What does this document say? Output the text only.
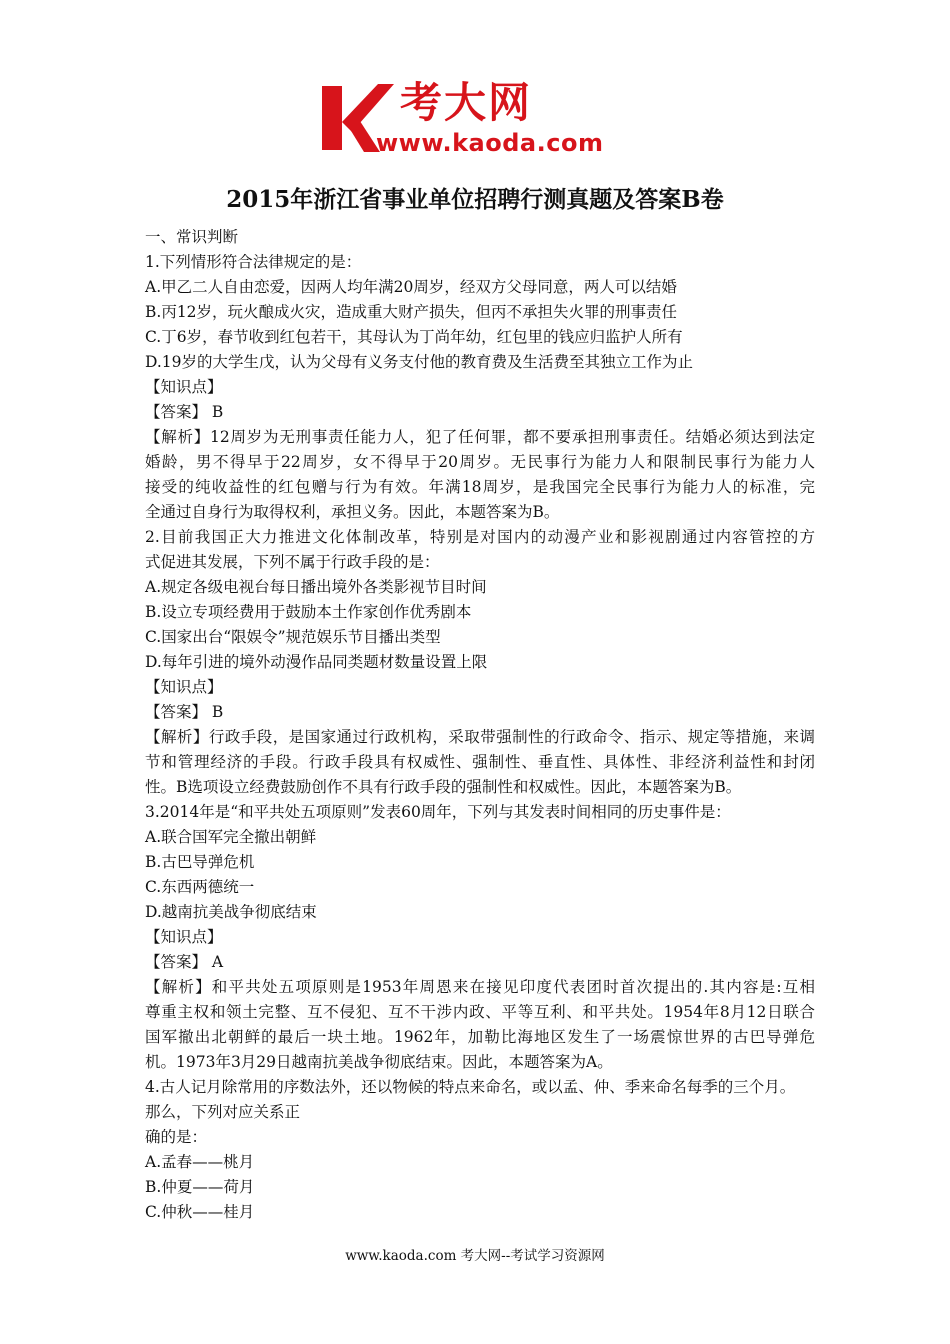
考大网
www.kaoda.com
2015年浙江省事业单位招聘行测真题及答案B卷
一、常识判断
1.下列情形符合法律规定的是：
A.甲乙二人自由恋爱，因两人均年满20周岁，经双方父母同意，两人可以结婚
B.丙12岁，玩火酿成火灾，造成重大财产损失，但丙不承担失火罪的刑事责任
C.丁6岁，春节收到红包若干，其母认为丁尚年幼，红包里的钱应归监护人所有
D.19岁的大学生戊，认为父母有义务支付他的教育费及生活费至其独立工作为止
【知识点】
【答案】 B
【解析】12周岁为无刑事责任能力人，犯了任何罪，都不要承担刑事责任。结婚必须达到法定
婚龄，男不得早于22周岁，女不得早于20周岁。无民事行为能力人和限制民事行为能力人
接受的纯收益性的红包赠与行为有效。年满18周岁，是我国完全民事行为能力人的标准，完
全通过自身行为取得权利，承担义务。因此，本题答案为B。
2.目前我国正大力推进文化体制改革，特别是对国内的动漫产业和影视剧通过内容管控的方
式促进其发展，下列不属于行政手段的是：
A.规定各级电视台每日播出境外各类影视节目时间
B.设立专项经费用于鼓励本土作家创作优秀剧本
C.国家出台“限娱令”规范娱乐节目播出类型
D.每年引进的境外动漫作品同类题材数量设置上限
【知识点】
【答案】 B
【解析】行政手段，是国家通过行政机构，采取带强制性的行政命令、指示、规定等措施，来调
节和管理经济的手段。行政手段具有权威性、强制性、垂直性、具体性、非经济利益性和封闭
性。B选项设立经费鼓励创作不具有行政手段的强制性和权威性。因此，本题答案为B。
3.2014年是“和平共处五项原则”发表60周年，下列与其发表时间相同的历史事件是：
A.联合国军完全撤出朝鲜
B.古巴导弹危机
C.东西两德统一
D.越南抗美战争彻底结束
【知识点】
【答案】 A
【解析】和平共处五项原则是1953年周恩来在接见印度代表团时首次提出的.其内容是:互相
尊重主权和领土完整、互不侵犯、互不干涉内政、平等互利、和平共处。1954年8月12日联合
国军撤出北朝鲜的最后一块土地。1962年，加勒比海地区发生了一场震惊世界的古巴导弹危
机。1973年3月29日越南抗美战争彻底结束。因此，本题答案为A。
4.古人记月除常用的序数法外，还以物候的特点来命名，或以孟、仲、季来命名每季的三个月。
那么，下列对应关系正
确的是：
A.孟春——桃月
B.仲夏——荷月
C.仲秋——桂月
www.kaoda.com 考大网--考试学习资源网
